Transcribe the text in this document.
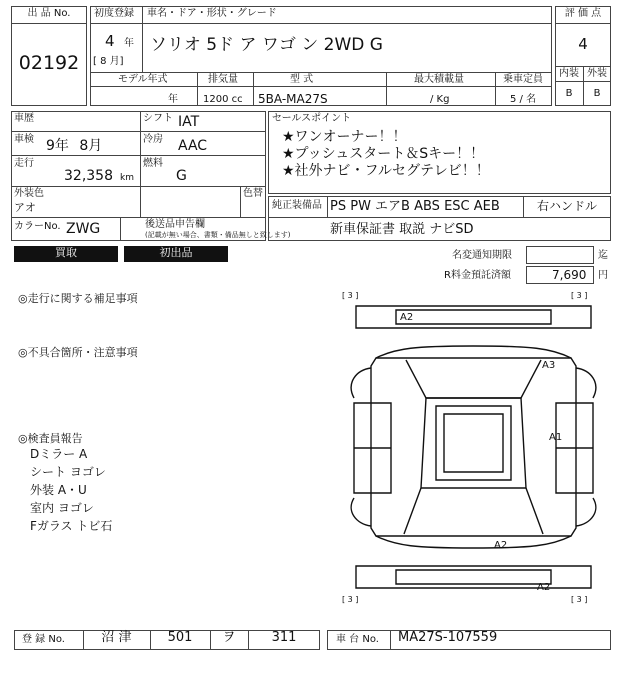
出 品 No.
02192
初度登録 車名・ドア・形状・グレード
4 年
[ 8 月]
ソリオ 5ド ア ワゴ ン 2WD G
評 価 点
4
内装 外装
B	B
モデル年式
年
排気量
1200 cc
型 式
5BA-MA27S
最大積載量
/ Kg
乗車定員
5 / 名
車歴	シフト IAT
車検 9年 8月	冷房 AAC
走行
32,358 km
燃料
G
外装色
アオ
色替
カラーNo. ZWG	後送品申告欄
(記載が無い場合、書類・備品無しと致します)
セールスポイント
★ワンオーナー！！
★プッシュスタート＆Sキー！！
★社外ナビ・フルセグテレビ！！
純正装備品 PS PW エアB ABS ESC AEB	右ハンドル
新車保証書 取説 ナビSD
買取	初出品	名変通知期限	迄
R料金預託済額	7,690 円
◎走行に関する補足事項
◎不具合箇所・注意事項
◎検査員報告
Dミラー A
シート ヨゴレ
外装 A・U
室内 ヨゴレ
Fガラス トビ石
[ 3 ]	[ 3 ]
[ 3 ]	[ 3 ]
A2
A3
A1
A2
A2
登 録 No.	沼 津	501	ヲ	311	車 台 No. MA27S-107559
